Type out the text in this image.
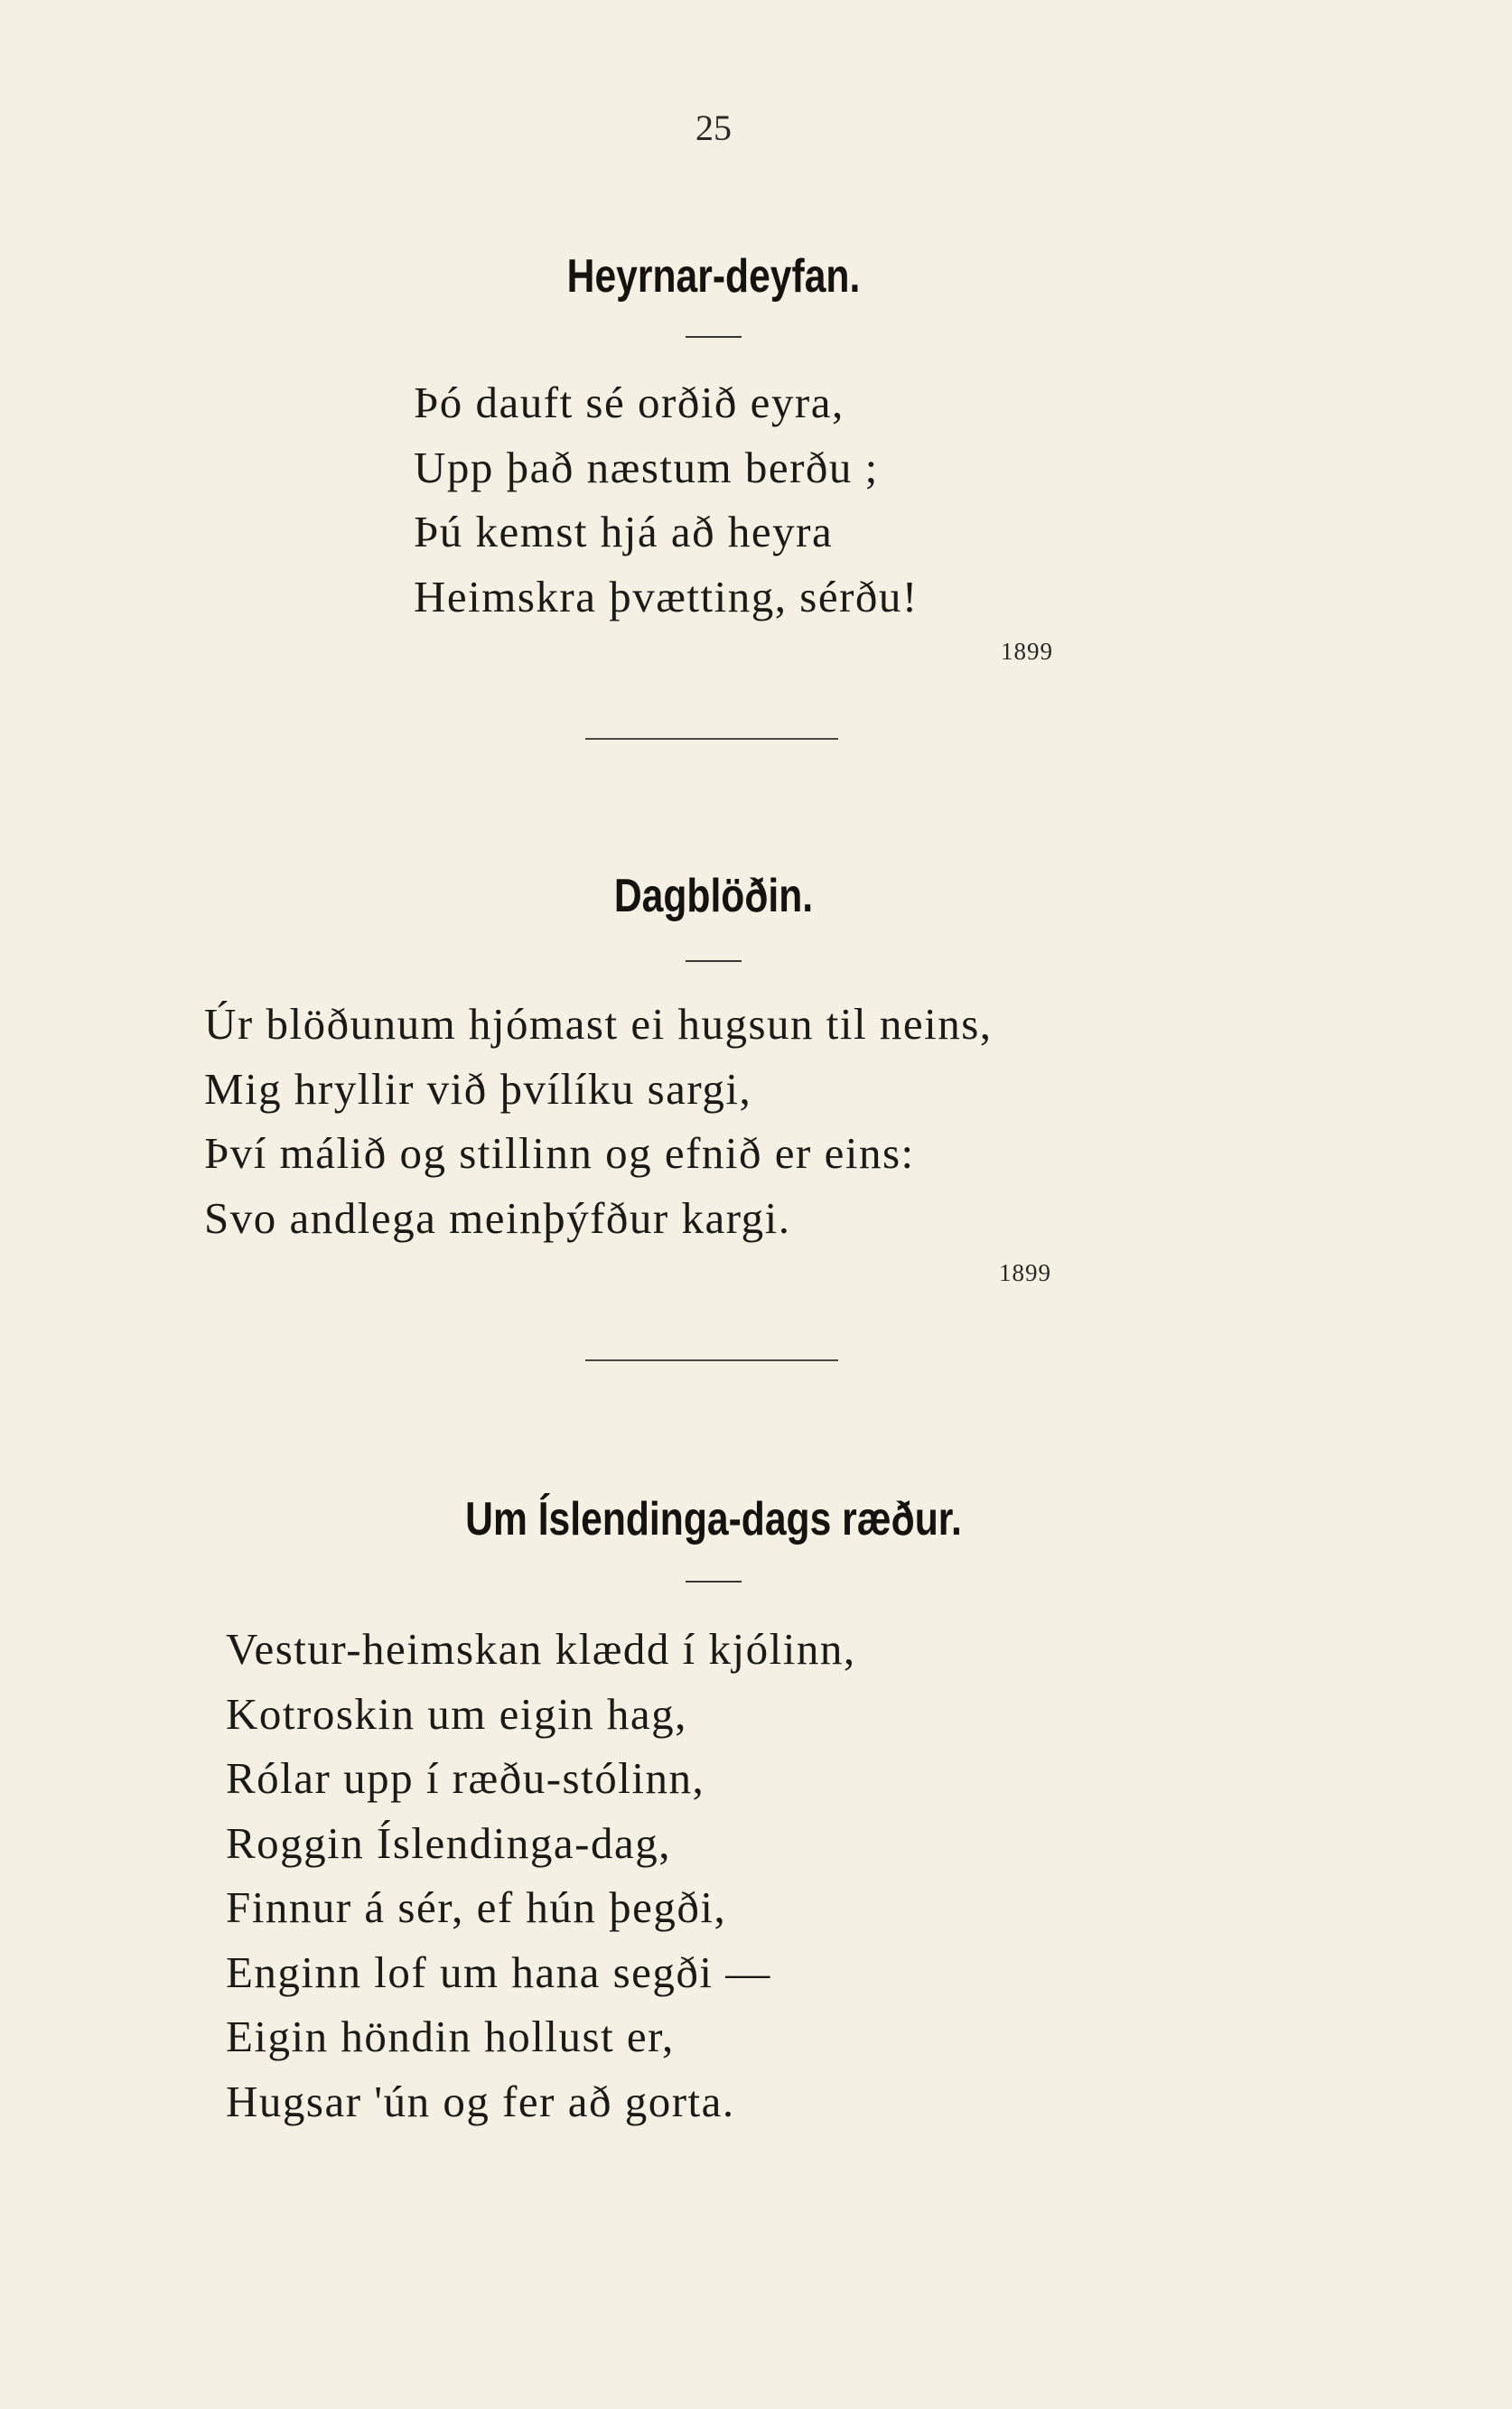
25
Heyrnar-deyfan.
Þó dauft sé orðið eyra,
Upp það næstum berðu ;
Þú kemst hjá að heyra
Heimskra þvætting, sérðu!
1899
Dagblöðin.
Úr blöðunum hjómast ei hugsun til neins,
Mig hryllir við þvílíku sargi,
Því málið og stillinn og efnið er eins:
Svo andlega meinþýfður kargi.
1899
Um Íslendinga-dags ræður.
Vestur-heimskan klædd í kjólinn,
Kotroskin um eigin hag,
Rólar upp í ræðu-stólinn,
Roggin Íslendinga-dag,
Finnur á sér, ef hún þegði,
Enginn lof um hana segði —
Eigin höndin hollust er,
Hugsar 'ún og fer að gorta.
